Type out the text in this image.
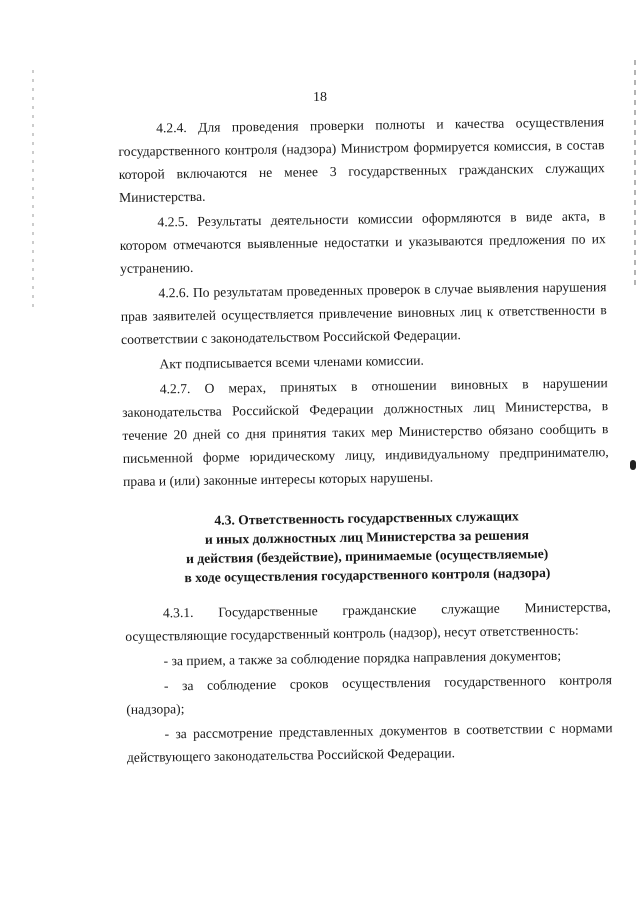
18

4.2.4. Для проведения проверки полноты и качества осуществления государственного контроля (надзора) Министром формируется комиссия, в состав которой включаются не менее 3 государственных гражданских служащих Министерства.

4.2.5. Результаты деятельности комиссии оформляются в виде акта, в котором отмечаются выявленные недостатки и указываются предложения по их устранению.

4.2.6. По результатам проведенных проверок в случае выявления нарушения прав заявителей осуществляется привлечение виновных лиц к ответственности в соответствии с законодательством Российской Федерации.

Акт подписывается всеми членами комиссии.

4.2.7. О мерах, принятых в отношении виновных в нарушении законодательства Российской Федерации должностных лиц Министерства, в течение 20 дней со дня принятия таких мер Министерство обязано сообщить в письменной форме юридическому лицу, индивидуальному предпринимателю, права и (или) законные интересы которых нарушены.

4.3. Ответственность государственных служащих
и иных должностных лиц Министерства за решения
и действия (бездействие), принимаемые (осуществляемые)
в ходе осуществления государственного контроля (надзора)

4.3.1. Государственные гражданские служащие Министерства, осуществляющие государственный контроль (надзор), несут ответственность:

- за прием, а также за соблюдение порядка направления документов;

- за соблюдение сроков осуществления государственного контроля (надзора);

- за рассмотрение представленных документов в соответствии с нормами действующего законодательства Российской Федерации.
